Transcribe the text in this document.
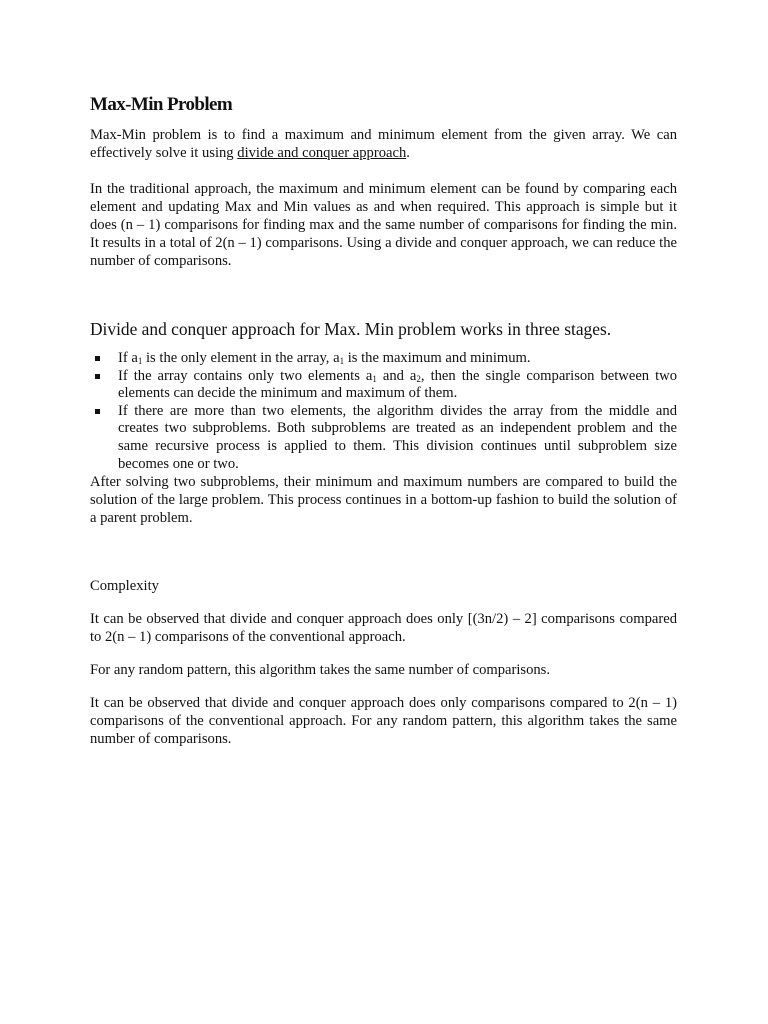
Max-Min Problem

Max-Min problem is to find a maximum and minimum element from the given array. We can effectively solve it using divide and conquer approach.

In the traditional approach, the maximum and minimum element can be found by comparing each element and updating Max and Min values as and when required. This approach is simple but it does (n – 1) comparisons for finding max and the same number of comparisons for finding the min. It results in a total of 2(n – 1) comparisons. Using a divide and conquer approach, we can reduce the number of comparisons.

Divide and conquer approach for Max. Min problem works in three stages.
If $a_1$ is the only element in the array, $a_1$ is the maximum and minimum.
If the array contains only two elements $a_1$ and $a_2$, then the single comparison between two elements can decide the minimum and maximum of them.
If there are more than two elements, the algorithm divides the array from the middle and creates two subproblems. Both subproblems are treated as an independent problem and the same recursive process is applied to them. This division continues until subproblem size becomes one or two.

After solving two subproblems, their minimum and maximum numbers are compared to build the solution of the large problem. This process continues in a bottom-up fashion to build the solution of a parent problem.

Complexity

It can be observed that divide and conquer approach does only [(3n/2) – 2] comparisons compared to 2(n – 1) comparisons of the conventional approach.

For any random pattern, this algorithm takes the same number of comparisons.

It can be observed that divide and conquer approach does only comparisons compared to 2(n – 1) comparisons of the conventional approach. For any random pattern, this algorithm takes the same number of comparisons.
